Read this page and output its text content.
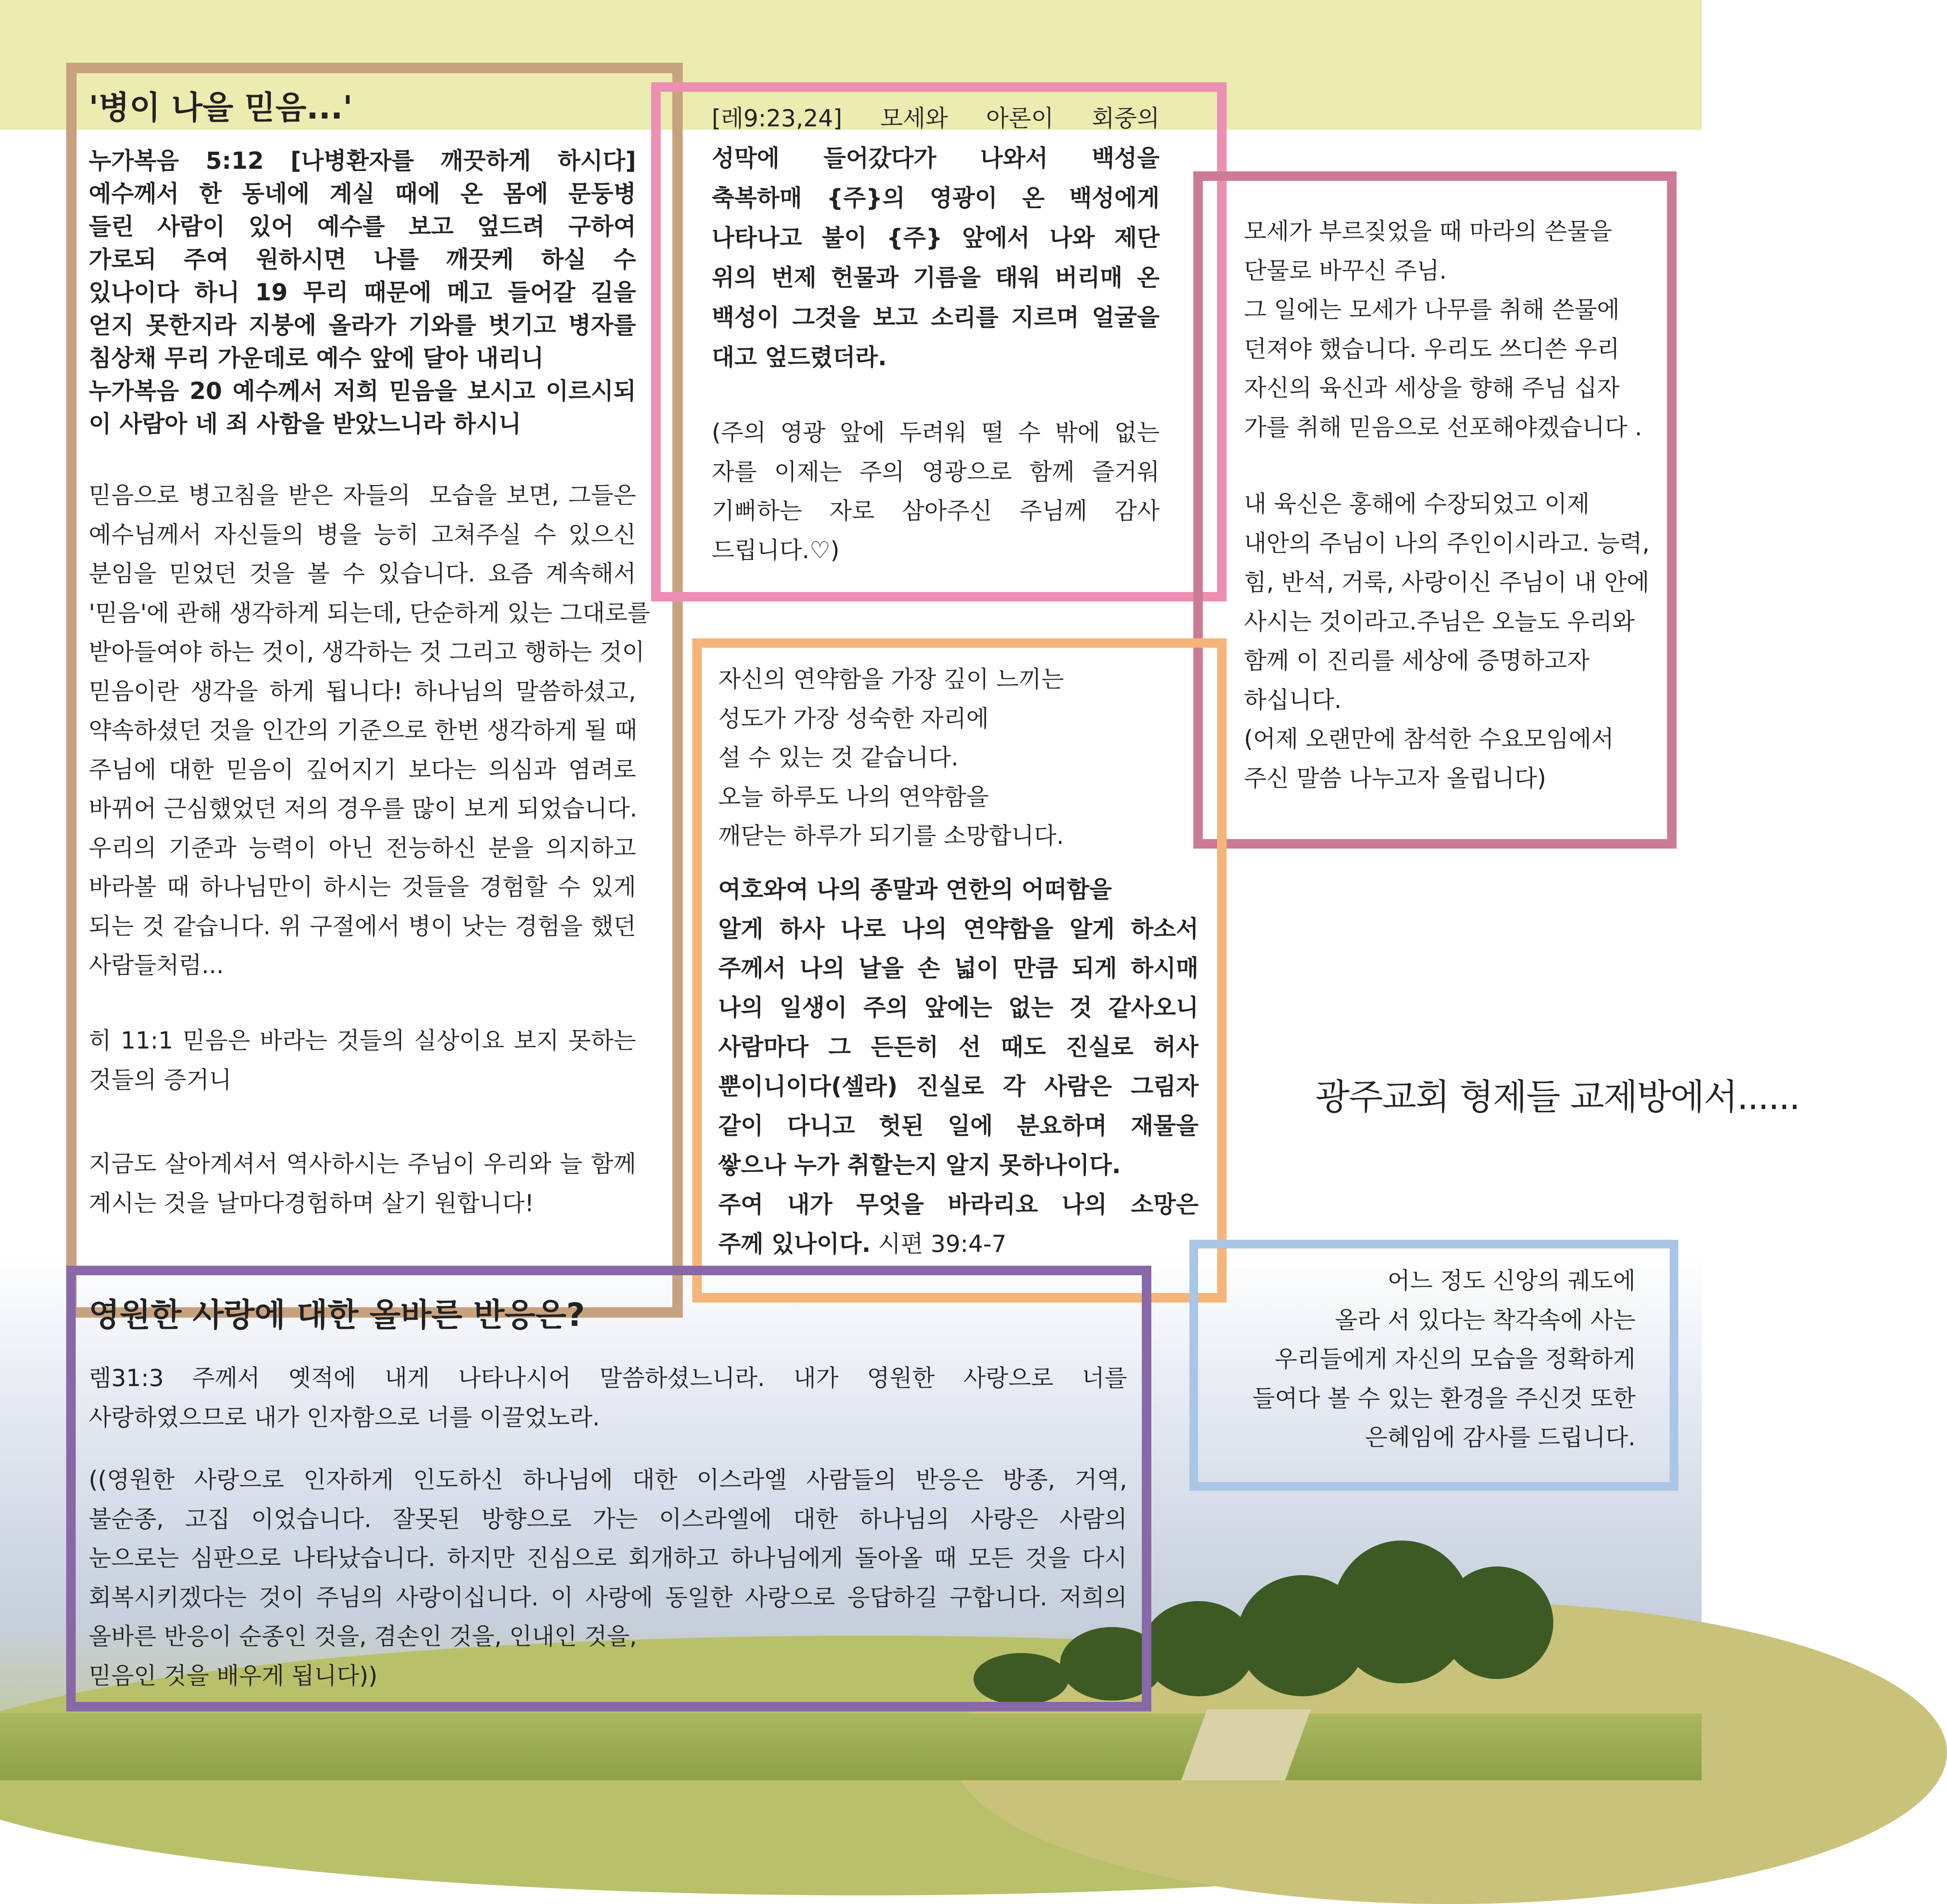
'병이 나을 믿음...'
누가복음 5:12 [나병환자를 깨끗하게 하시다]
예수께서 한 동네에 계실 때에 온 몸에 문둥병
들린 사람이 있어 예수를 보고 엎드려 구하여
가로되 주여 원하시면 나를 깨끗케 하실 수
있나이다 하니 19 무리 때문에 메고 들어갈 길을
얻지 못한지라 지붕에 올라가 기와를 벗기고 병자를
침상채 무리 가운데로 예수 앞에 달아 내리니
누가복음 20 예수께서 저희 믿음을 보시고 이르시되
이 사람아 네 죄 사함을 받았느니라 하시니
믿음으로 병고침을 받은 자들의  모습을 보면, 그들은
예수님께서 자신들의 병을 능히 고쳐주실 수 있으신
분임을 믿었던 것을 볼 수 있습니다. 요즘 계속해서
'믿음'에 관해 생각하게 되는데, 단순하게 있는 그대로를
받아들여야 하는 것이, 생각하는 것 그리고 행하는 것이
믿음이란 생각을 하게 됩니다! 하나님의 말씀하셨고,
약속하셨던 것을 인간의 기준으로 한번 생각하게 될 때
주님에 대한 믿음이 깊어지기 보다는 의심과 염려로
바뀌어 근심했었던 저의 경우를 많이 보게 되었습니다.
우리의 기준과 능력이 아닌 전능하신 분을 의지하고
바라볼 때 하나님만이 하시는 것들을 경험할 수 있게
되는 것 같습니다. 위 구절에서 병이 낫는 경험을 했던
사람들처럼...
히 11:1 믿음은 바라는 것들의 실상이요 보지 못하는
것들의 증거니
지금도 살아계셔서 역사하시는 주님이 우리와 늘 함께
계시는 것을 날마다경험하며 살기 원합니다!
[레9:23,24] 모세와 아론이 회중의
성막에 들어갔다가 나와서 백성을
축복하매 {주}의 영광이 온 백성에게
나타나고 불이 {주} 앞에서 나와 제단
위의 번제 헌물과 기름을 태워 버리매 온
백성이 그것을 보고 소리를 지르며 얼굴을
대고 엎드렸더라.
(주의 영광 앞에 두려워 떨 수 밖에 없는
자를 이제는 주의 영광으로 함께 즐거워
기뻐하는 자로 삼아주신 주님께 감사
드립니다.♡)
모세가 부르짖었을 때 마라의 쓴물을
단물로 바꾸신 주님.
그 일에는 모세가 나무를 취해 쓴물에
던져야 했습니다. 우리도 쓰디쓴 우리
자신의 육신과 세상을 향해 주님 십자
가를 취해 믿음으로 선포해야겠습니다 .
내 육신은 홍해에 수장되었고 이제
내안의 주님이 나의 주인이시라고. 능력,
힘, 반석, 거룩, 사랑이신 주님이 내 안에
사시는 것이라고.주님은 오늘도 우리와
함께 이 진리를 세상에 증명하고자
하십니다.
(어제 오랜만에 참석한 수요모임에서
주신 말씀 나누고자 올립니다)
자신의 연약함을 가장 깊이 느끼는
성도가 가장 성숙한 자리에
설 수 있는 것 같습니다.
오늘 하루도 나의 연약함을
깨닫는 하루가 되기를 소망합니다.
여호와여 나의 종말과 연한의 어떠함을
알게 하사 나로 나의 연약함을 알게 하소서
주께서 나의 날을 손 넓이 만큼 되게 하시매
나의 일생이 주의 앞에는 없는 것 같사오니
사람마다 그 든든히 선 때도 진실로 허사
뿐이니이다(셀라) 진실로 각 사람은 그림자
같이 다니고 헛된 일에 분요하며 재물을
쌓으나 누가 취할는지 알지 못하나이다.
주여 내가 무엇을 바라리요 나의 소망은
주께 있나이다. 시편 39:4-7
광주교회 형제들 교제방에서......
어느 정도 신앙의 궤도에
올라 서 있다는 착각속에 사는
우리들에게 자신의 모습을 정확하게
들여다 볼 수 있는 환경을 주신것 또한
은혜임에 감사를 드립니다.
영원한 사랑에 대한 올바른 반응은?
렘31:3 주께서 옛적에 내게 나타나시어 말씀하셨느니라. 내가 영원한 사랑으로 너를
사랑하였으므로 내가 인자함으로 너를 이끌었노라.
((영원한 사랑으로 인자하게 인도하신 하나님에 대한 이스라엘 사람들의 반응은 방종, 거역,
불순종, 고집 이었습니다. 잘못된 방향으로 가는 이스라엘에 대한 하나님의 사랑은 사람의
눈으로는 심판으로 나타났습니다. 하지만 진심으로 회개하고 하나님에게 돌아올 때 모든 것을 다시
회복시키겠다는 것이 주님의 사랑이십니다. 이 사랑에 동일한 사랑으로 응답하길 구합니다. 저희의
올바른 반응이 순종인 것을, 겸손인 것을, 인내인 것을,
믿음인 것을 배우게 됩니다))
